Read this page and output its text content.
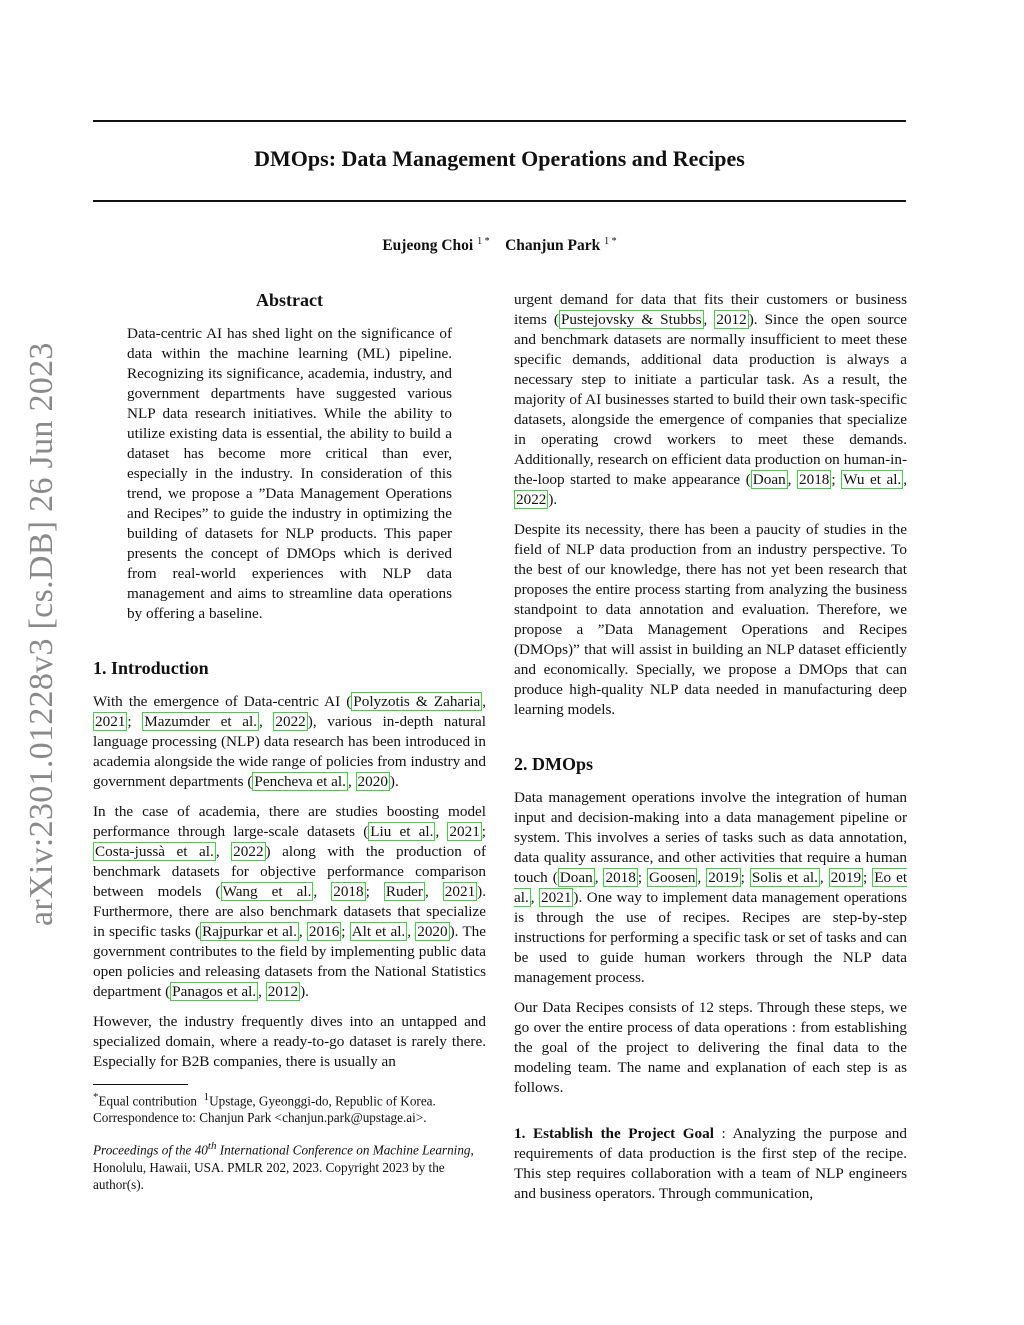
arXiv:2301.01228v3 [cs.DB] 26 Jun 2023
DMOps: Data Management Operations and Recipes
Eujeong Choi $^{1 *}$ Chanjun Park $^{1 *}$
Abstract

Data-centric AI has shed light on the significance of data within the machine learning (ML) pipeline. Recognizing its significance, academia, industry, and government departments have suggested various NLP data research initiatives. While the ability to utilize existing data is essential, the ability to build a dataset has become more critical than ever, especially in the industry. In consideration of this trend, we propose a ”Data Management Operations and Recipes” to guide the industry in optimizing the building of datasets for NLP products. This paper presents the concept of DMOps which is derived from real-world experiences with NLP data management and aims to streamline data operations by offering a baseline.

1. Introduction

With the emergence of Data-centric AI ( Polyzotis & Zaharia , 2021 ; Mazumder et al. , 2022 ), various in-depth natural language processing (NLP) data research has been introduced in academia alongside the wide range of policies from industry and government departments ( Pencheva et al. , 2020 ).

In the case of academia, there are studies boosting model performance through large-scale datasets ( Liu et al. , 2021 ; Costa-jussà et al. , 2022 ) along with the production of benchmark datasets for objective performance comparison between models ( Wang et al. , 2018 ; Ruder , 2021 ). Furthermore, there are also benchmark datasets that specialize in specific tasks ( Rajpurkar et al. , 2016 ; Alt et al. , 2020 ). The government contributes to the field by implementing public data open policies and releasing datasets from the National Statistics department ( Panagos et al. , 2012 ).

However, the industry frequently dives into an untapped and specialized domain, where a ready-to-go dataset is rarely there. Especially for B2B companies, there is usually an

*Equal contribution $^1$Upstage, Gyeonggi-do, Republic of Korea. Correspondence to: Chanjun Park <chanjun.park@upstage.ai>.
Proceedings of the 40th International Conference on Machine Learning, Honolulu, Hawaii, USA. PMLR 202, 2023. Copyright 2023 by the author(s).

urgent demand for data that fits their customers or business items ( Pustejovsky & Stubbs , 2012 ). Since the open source and benchmark datasets are normally insufficient to meet these specific demands, additional data production is always a necessary step to initiate a particular task. As a result, the majority of AI businesses started to build their own task-specific datasets, alongside the emergence of companies that specialize in operating crowd workers to meet these demands. Additionally, research on efficient data production on human-in-the-loop started to make appearance ( Doan , 2018 ; Wu et al. , 2022 ).

Despite its necessity, there has been a paucity of studies in the field of NLP data production from an industry perspective. To the best of our knowledge, there has not yet been research that proposes the entire process starting from analyzing the business standpoint to data annotation and evaluation. Therefore, we propose a ”Data Management Operations and Recipes (DMOps)” that will assist in building an NLP dataset efficiently and economically. Specially, we propose a DMOps that can produce high-quality NLP data needed in manufacturing deep learning models.

2. DMOps

Data management operations involve the integration of human input and decision-making into a data management pipeline or system. This involves a series of tasks such as data annotation, data quality assurance, and other activities that require a human touch ( Doan , 2018 ; Goosen , 2019 ; Solis et al. , 2019 ; Eo et al. , 2021 ). One way to implement data management operations is through the use of recipes. Recipes are step-by-step instructions for performing a specific task or set of tasks and can be used to guide human workers through the NLP data management process.

Our Data Recipes consists of 12 steps. Through these steps, we go over the entire process of data operations : from establishing the goal of the project to delivering the final data to the modeling team. The name and explanation of each step is as follows.

1. Establish the Project Goal : Analyzing the purpose and requirements of data production is the first step of the recipe. This step requires collaboration with a team of NLP engineers and business operators. Through communication,
